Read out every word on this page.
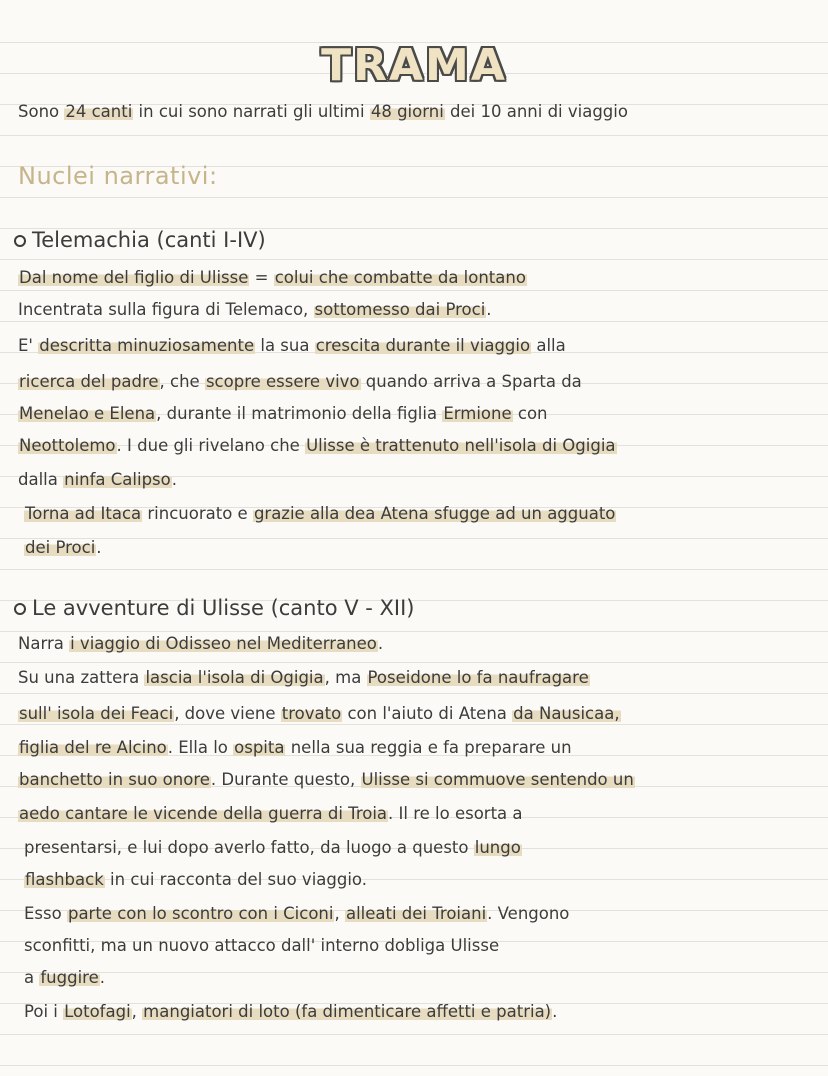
TRAMA
Sono 24 canti in cui sono narrati gli ultimi 48 giorni dei 10 anni di viaggio
Nuclei narrativi:
Telemachia (canti I-IV)
Dal nome del figlio di Ulisse = colui che combatte da lontano
Incentrata sulla figura di Telemaco, sottomesso dai Proci.
E' descritta minuziosamente la sua crescita durante il viaggio alla
ricerca del padre, che scopre essere vivo quando arriva a Sparta da
Menelao e Elena, durante il matrimonio della figlia Ermione con
Neottolemo. I due gli rivelano che Ulisse è trattenuto nell'isola di Ogigia
dalla ninfa Calipso.
Torna ad Itaca rincuorato e grazie alla dea Atena sfugge ad un agguato
dei Proci.
Le avventure di Ulisse (canto V - XII)
Narra i viaggio di Odisseo nel Mediterraneo.
Su una zattera lascia l'isola di Ogigia, ma Poseidone lo fa naufragare
sull' isola dei Feaci, dove viene trovato con l'aiuto di Atena da Nausicaa,
figlia del re Alcino. Ella lo ospita nella sua reggia e fa preparare un
banchetto in suo onore. Durante questo, Ulisse si commuove sentendo un
aedo cantare le vicende della guerra di Troia. Il re lo esorta a
presentarsi, e lui dopo averlo fatto, da luogo a questo lungo
flashback in cui racconta del suo viaggio.
Esso parte con lo scontro con i Ciconi, alleati dei Troiani. Vengono
sconfitti, ma un nuovo attacco dall' interno dobliga Ulisse
a fuggire.
Poi i Lotofagi, mangiatori di loto (fa dimenticare affetti e patria).
